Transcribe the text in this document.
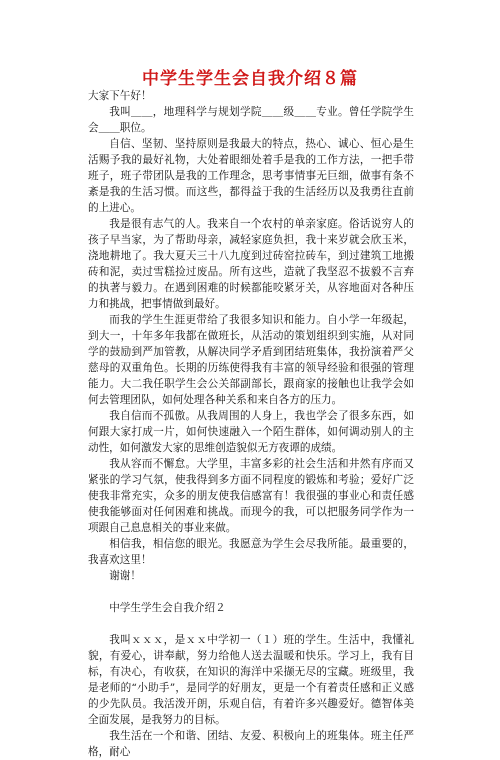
中学生学生会自我介绍８篇

大家下午好！

我叫＿＿，地理科学与规划学院＿＿级＿＿专业。曾任学院学生会＿＿职位。

自信、坚韧、坚持原则是我最大的特点，热心、诚心、恒心是生活赐予我的最好礼物，大处着眼细处着手是我的工作方法，一把手带班子，班子带团队是我的工作理念，思考事情事无巨细，做事有条不紊是我的生活习惯。而这些，都得益于我的生活经历以及我勇往直前的上进心。

我是很有志气的人。我来自一个农村的单亲家庭。俗话说穷人的孩子早当家，为了帮助母亲，减轻家庭负担，我十来岁就会欣玉米，浇地耕地了。我大夏天三十八九度到过砖窑拉砖车，到过建筑工地搬砖和泥，卖过雪糕捡过废品。所有这些，造就了我坚忍不拔毅不言弃的执著与毅力。在遇到困难的时候都能咬紧牙关，从容地面对各种压力和挑战，把事情做到最好。

而我的学生生涯更带给了我很多知识和能力。自小学一年级起，到大一，十年多年我都在做班长，从活动的策划组织到实施，从对同学的鼓励到严加管教，从解决同学矛盾到团结班集体，我扮演着严父慈母的双重角色。长期的历练使得我有丰富的领导经验和很强的管理能力。大二我任职学生会公关部副部长，跟商家的接触也让我学会如何去管理团队，如何处理各种关系和来自各方的压力。

我自信而不孤傲。从我周围的人身上，我也学会了很多东西，如何跟大家打成一片，如何快速融入一个陌生群体，如何调动别人的主动性，如何激发大家的思维创造貌似无方夜谭的成绩。

我从容而不懈怠。大学里，丰富多彩的社会生活和井然有序而又紧张的学习气氛，使我得到多方面不同程度的锻炼和考验；爱好广泛使我非常充实，众多的朋友使我信感富有！我很强的事业心和责任感使我能够面对任何困难和挑战。而现今的我，可以把服务同学作为一项跟自己息息相关的事业来做。

相信我，相信您的眼光。我愿意为学生会尽我所能。最重要的，我喜欢这里！

谢谢！

中学生学生会自我介绍２

我叫ｘｘｘ，是ｘｘ中学初一（１）班的学生。生活中，我懂礼貌，有爱心，讲奉献，努力给他人送去温暖和快乐。学习上，我有目标，有决心，有收获，在知识的海洋中采撷无尽的宝藏。班级里，我是老师的“小助手”，是同学的好朋友，更是一个有着责任感和正义感的少先队员。我活泼开朗，乐观自信，有着许多兴趣爱好。德智体美全面发展，是我努力的目标。

我生活在一个和谐、团结、友爱、积极向上的班集体。班主任严格，耐心
